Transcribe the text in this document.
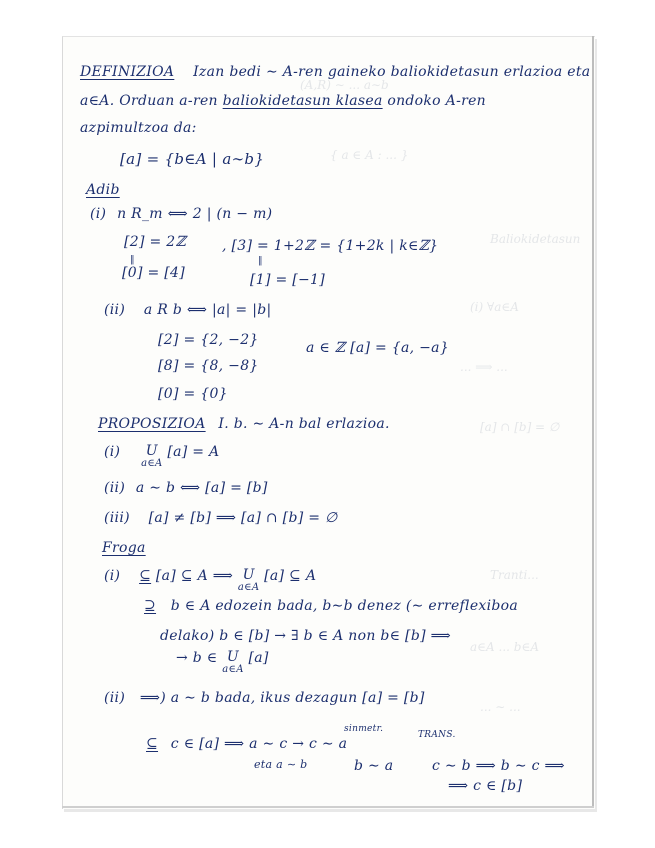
(A,R) ∼ ... a∼b
{ a ∈ A : ... }
Baliokidetasun
(i) ∀a∈A
... ⟹ ...
[a] ∩ [b] = ∅
Tranti...
a∈A ... b∈A
... ∼ ...
DEFINIZIOA Izan bedi ∼ A-ren gaineko baliokidetasun erlazioa eta
a∈A. Orduan a-ren baliokidetasun klasea ondoko A-ren
azpimultzoa da:
[a] = {b∈A | a∼b}
Adib
(i) n R_m ⟺ 2 | (n − m)
[2] = 2ℤ	, [3] = 1+2ℤ = {1+2k | k∈ℤ}
‖	‖
[0] = [4]	[1] = [−1]
(ii) a R b ⟺ |a| = |b|
[2] = {2, −2}	a ∈ ℤ [a] = {a, −a}
[8] = {8, −8}
[0] = {0}
PROPOSIZIOA I. b. ∼ A-n bal erlazioa.
(i) U
a∈A
[a] = A
(ii) a ∼ b ⟺ [a] = [b]
(iii) [a] ≠ [b] ⟹ [a] ∩ [b] = ∅
Froga
(i) ⊆ [a] ⊆ A ⟹ U
a∈A
[a] ⊆ A
⊇ b ∈ A edozein bada, b∼b denez (∼ erreflexiboa
delako) b ∈ [b] → ∃ b ∈ A non b∈ [b] ⟹
→ b ∈ U
a∈A
[a]
(ii) ⟹) a ∼ b bada, ikus dezagun [a] = [b]
sinmetr.
TRANS.
⊆ c ∈ [a] ⟹ a ∼ c → c ∼ a
eta a ∼ b	b ∼ a	c ∼ b ⟹ b ∼ c ⟹
⟹ c ∈ [b]
